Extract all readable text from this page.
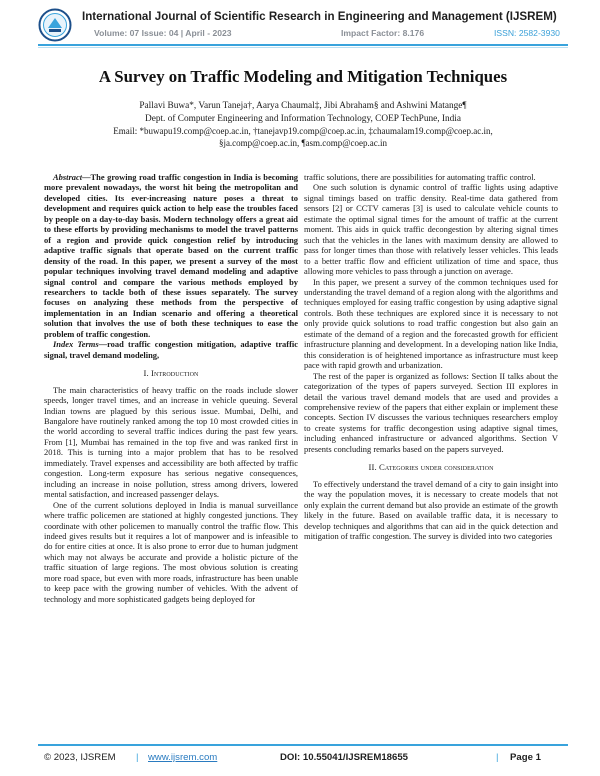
International Journal of Scientific Research in Engineering and Management (IJSREM)
Volume: 07 Issue: 04 | April - 2023	Impact Factor: 8.176	ISSN: 2582-3930
A Survey on Traffic Modeling and Mitigation Techniques
Pallavi Buwa*, Varun Taneja†, Aarya Chaumal‡, Jibi Abraham§ and Ashwini Matange¶
Dept. of Computer Engineering and Information Technology, COEP TechPune, India
Email: *buwapu19.comp@coep.ac.in, †tanejavp19.comp@coep.ac.in, ‡chaumalam19.comp@coep.ac.in,
§ja.comp@coep.ac.in, ¶asm.comp@coep.ac.in

Abstract—The growing road traffic congestion in India is becoming more prevalent nowadays, the worst hit being the metropolitan and developed cities. Its ever-increasing nature poses a threat to development and requires quick action to help ease the troubles faced by people on a day-to-day basis. Modern technology offers a great aid to these efforts by providing mechanisms to model the travel patterns of a region and provide quick congestion relief by introducing adaptive traffic signals that operate based on the current traffic density of the road. In this paper, we present a survey of the most popular techniques involving travel demand modeling and adaptive signal control and compare the various methods employed by researchers to tackle both of these issues separately. The survey focuses on analyzing these methods from the perspective of implementation in an Indian scenario and offering a theoretical solution that involves the use of both these techniques to ease the problem of traffic congestion.

Index Terms—road traffic congestion mitigation, adaptive traffic signal, travel demand modeling,

I. Introduction

The main characteristics of heavy traffic on the roads include slower speeds, longer travel times, and an increase in vehicle queuing. Several Indian towns are plagued by this serious issue. Mumbai, Delhi, and Bangalore have routinely ranked among the top 10 most crowded cities in the world according to several traffic indices during the past few years. From [1], Mumbai has remained in the top five and was ranked first in 2018. This is turning into a major problem that has to be resolved immediately. Travel expenses and accessibility are both affected by traffic congestion. Long-term exposure has serious negative consequences, including an increase in noise pollution, stress among drivers, lowered mental satisfaction, and increased passenger delays.

One of the current solutions deployed in India is manual surveillance where traffic policemen are stationed at highly congested junctions. They coordinate with other policemen to manually control the traffic flow. This indeed gives results but it requires a lot of manpower and is infeasible to do for entire cities at once. It is also prone to error due to human judgment which may not always be accurate and provide a holistic picture of the traffic situation of large regions. The most obvious solution is creating more road space, but even with more roads, infrastructure has been unable to keep pace with the growing number of vehicles. With the advent of technology and more sophisticated gadgets being deployed for

traffic solutions, there are possibilities for automating traffic control.

One such solution is dynamic control of traffic lights using adaptive signal timings based on traffic density. Real-time data gathered from sensors [2] or CCTV cameras [3] is used to calculate vehicle counts to estimate the optimal signal times for the amount of traffic at the current moment. This aids in quick traffic decongestion by altering signal times such that the vehicles in the lanes with maximum density are allowed to pass for longer times than those with relatively lesser vehicles. This leads to a better traffic flow and efficient utilization of time and space, thus allowing more vehicles to pass through a junction on average.

In this paper, we present a survey of the common techniques used for understanding the travel demand of a region along with the algorithms and techniques employed for easing traffic congestion by using adaptive signal controls. Both these techniques are explored since it is necessary to not only provide quick solutions to road traffic congestion but also gain an estimate of the demand of a region and the forecasted growth for efficient infrastructure planning and development. In a developing nation like India, this consideration is of heightened importance as infrastructure must keep pace with rapid growth and urbanization.

The rest of the paper is organized as follows: Section II talks about the categorization of the types of papers surveyed. Section III explores in detail the various travel demand models that are used and provides a comprehensive review of the papers that either explain or implement these concepts. Section IV discusses the various techniques researchers employ to create systems for traffic decongestion using adaptive signal times, including enhanced infrastructure or advanced algorithms. Section V presents concluding remarks based on the papers surveyed.

II. Categories under consideration

To effectively understand the travel demand of a city to gain insight into the way the population moves, it is necessary to create models that not only explain the current demand but also provide an estimate of the growth likely in the future. Based on available traffic data, it is necessary to develop techniques and algorithms that can aid in the quick detection and mitigation of traffic congestion. The survey is divided into two categories

© 2023, IJSREM | www.ijsrem.com	DOI: 10.55041/IJSREM18655	| Page 1
